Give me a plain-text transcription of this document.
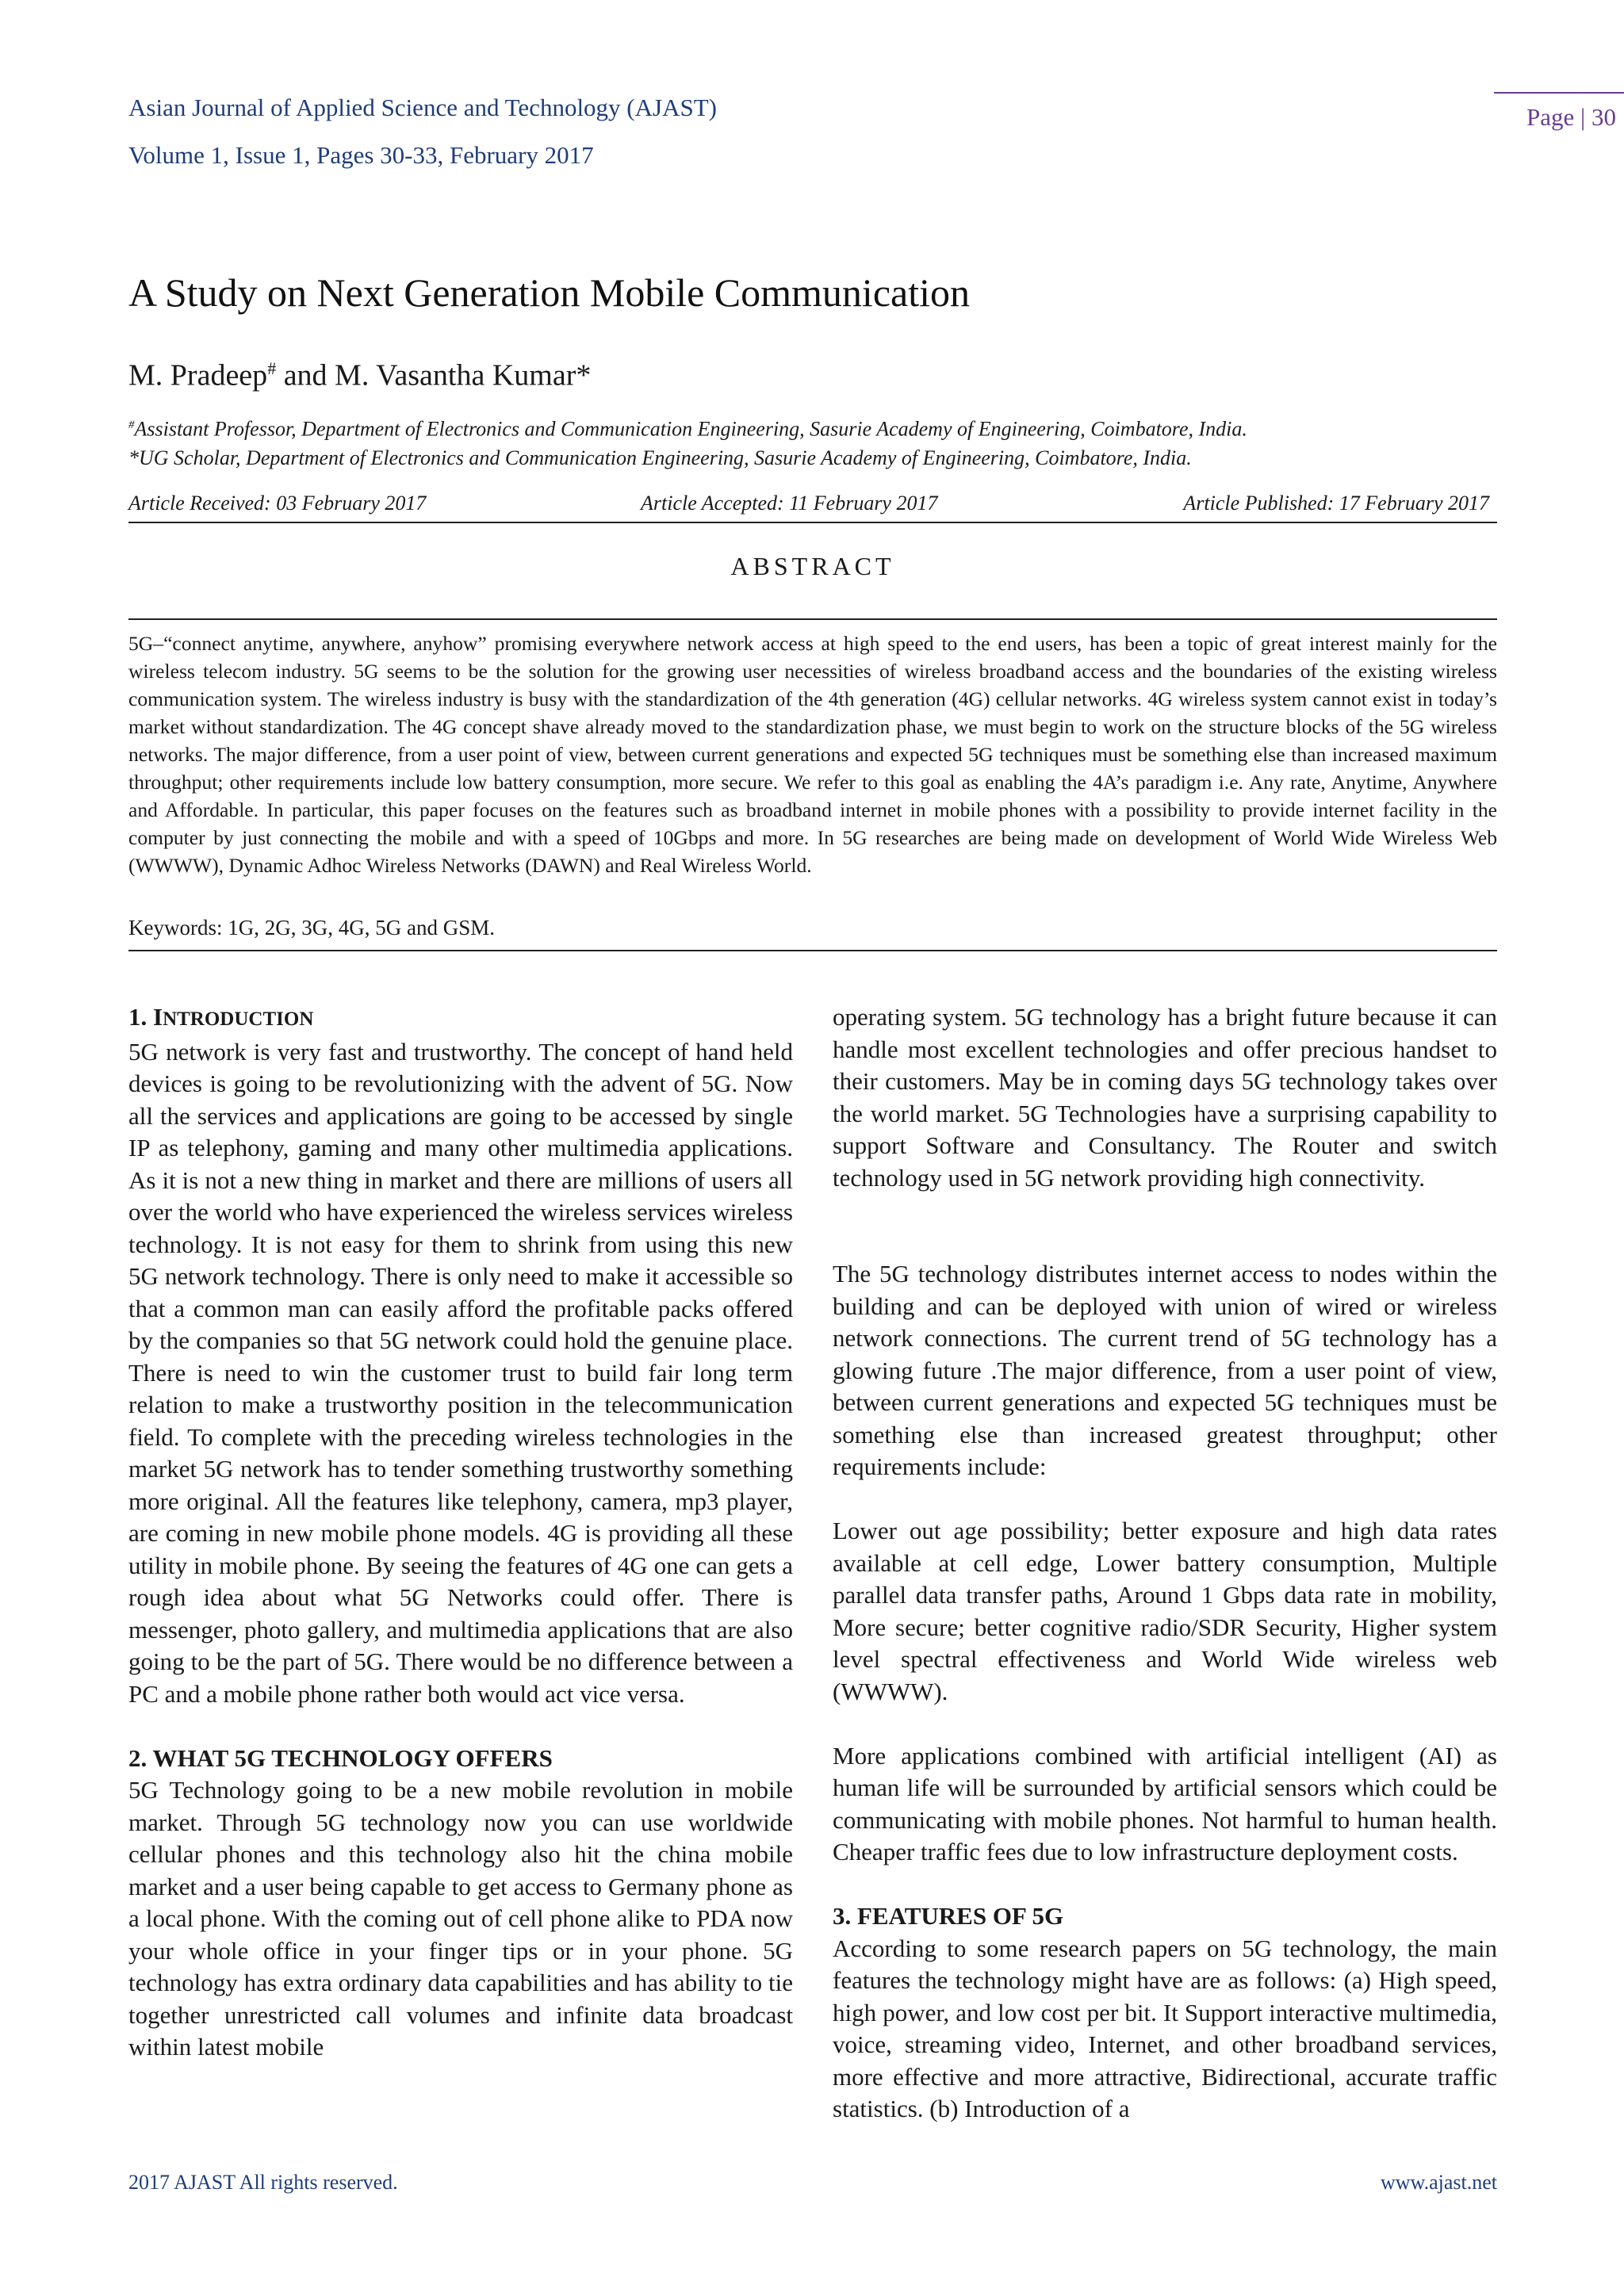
Asian Journal of Applied Science and Technology (AJAST)
Volume 1, Issue 1, Pages 30-33, February 2017
Page | 30
A Study on Next Generation Mobile Communication
M. Pradeep# and M. Vasantha Kumar*
#Assistant Professor, Department of Electronics and Communication Engineering, Sasurie Academy of Engineering, Coimbatore, India.
*UG Scholar, Department of Electronics and Communication Engineering, Sasurie Academy of Engineering, Coimbatore, India.
Article Received: 03 February 2017	Article Accepted: 11 February 2017	Article Published: 17 February 2017
ABSTRACT
5G–“connect anytime, anywhere, anyhow” promising everywhere network access at high speed to the end users, has been a topic of great interest mainly for the wireless telecom industry. 5G seems to be the solution for the growing user necessities of wireless broadband access and the boundaries of the existing wireless communication system. The wireless industry is busy with the standardization of the 4th generation (4G) cellular networks. 4G wireless system cannot exist in today’s market without standardization. The 4G concept shave already moved to the standardization phase, we must begin to work on the structure blocks of the 5G wireless networks. The major difference, from a user point of view, between current generations and expected 5G techniques must be something else than increased maximum throughput; other requirements include low battery consumption, more secure. We refer to this goal as enabling the 4A’s paradigm i.e. Any rate, Anytime, Anywhere and Affordable. In particular, this paper focuses on the features such as broadband internet in mobile phones with a possibility to provide internet facility in the computer by just connecting the mobile and with a speed of 10Gbps and more. In 5G researches are being made on development of World Wide Wireless Web (WWWW), Dynamic Adhoc Wireless Networks (DAWN) and Real Wireless World.
Keywords: 1G, 2G, 3G, 4G, 5G and GSM.
1. INTRODUCTION

5G network is very fast and trustworthy. The concept of hand held devices is going to be revolutionizing with the advent of 5G. Now all the services and applications are going to be accessed by single IP as telephony, gaming and many other multimedia applications. As it is not a new thing in market and there are millions of users all over the world who have experienced the wireless services wireless technology. It is not easy for them to shrink from using this new 5G network technology. There is only need to make it accessible so that a common man can easily afford the profitable packs offered by the companies so that 5G network could hold the genuine place. There is need to win the customer trust to build fair long term relation to make a trustworthy position in the telecommunication field. To complete with the preceding wireless technologies in the market 5G network has to tender something trustworthy something more original. All the features like telephony, camera, mp3 player, are coming in new mobile phone models. 4G is providing all these utility in mobile phone. By seeing the features of 4G one can gets a rough idea about what 5G Networks could offer. There is messenger, photo gallery, and multimedia applications that are also going to be the part of 5G. There would be no difference between a PC and a mobile phone rather both would act vice versa.

2. WHAT 5G TECHNOLOGY OFFERS

5G Technology going to be a new mobile revolution in mobile market. Through 5G technology now you can use worldwide cellular phones and this technology also hit the china mobile market and a user being capable to get access to Germany phone as a local phone. With the coming out of cell phone alike to PDA now your whole office in your finger tips or in your phone. 5G technology has extra ordinary data capabilities and has ability to tie together unrestricted call volumes and infinite data broadcast within latest mobile

operating system. 5G technology has a bright future because it can handle most excellent technologies and offer precious handset to their customers. May be in coming days 5G technology takes over the world market. 5G Technologies have a surprising capability to support Software and Consultancy. The Router and switch technology used in 5G network providing high connectivity.

The 5G technology distributes internet access to nodes within the building and can be deployed with union of wired or wireless network connections. The current trend of 5G technology has a glowing future .The major difference, from a user point of view, between current generations and expected 5G techniques must be something else than increased greatest throughput; other requirements include:

Lower out age possibility; better exposure and high data rates available at cell edge, Lower battery consumption, Multiple parallel data transfer paths, Around 1 Gbps data rate in mobility, More secure; better cognitive radio/SDR Security, Higher system level spectral effectiveness and World Wide wireless web (WWWW).

More applications combined with artificial intelligent (AI) as human life will be surrounded by artificial sensors which could be communicating with mobile phones. Not harmful to human health. Cheaper traffic fees due to low infrastructure deployment costs.

3. FEATURES OF 5G

According to some research papers on 5G technology, the main features the technology might have are as follows: (a) High speed, high power, and low cost per bit. It Support interactive multimedia, voice, streaming video, Internet, and other broadband services, more effective and more attractive, Bidirectional, accurate traffic statistics. (b) Introduction of a

2017 AJAST All rights reserved.	www.ajast.net
